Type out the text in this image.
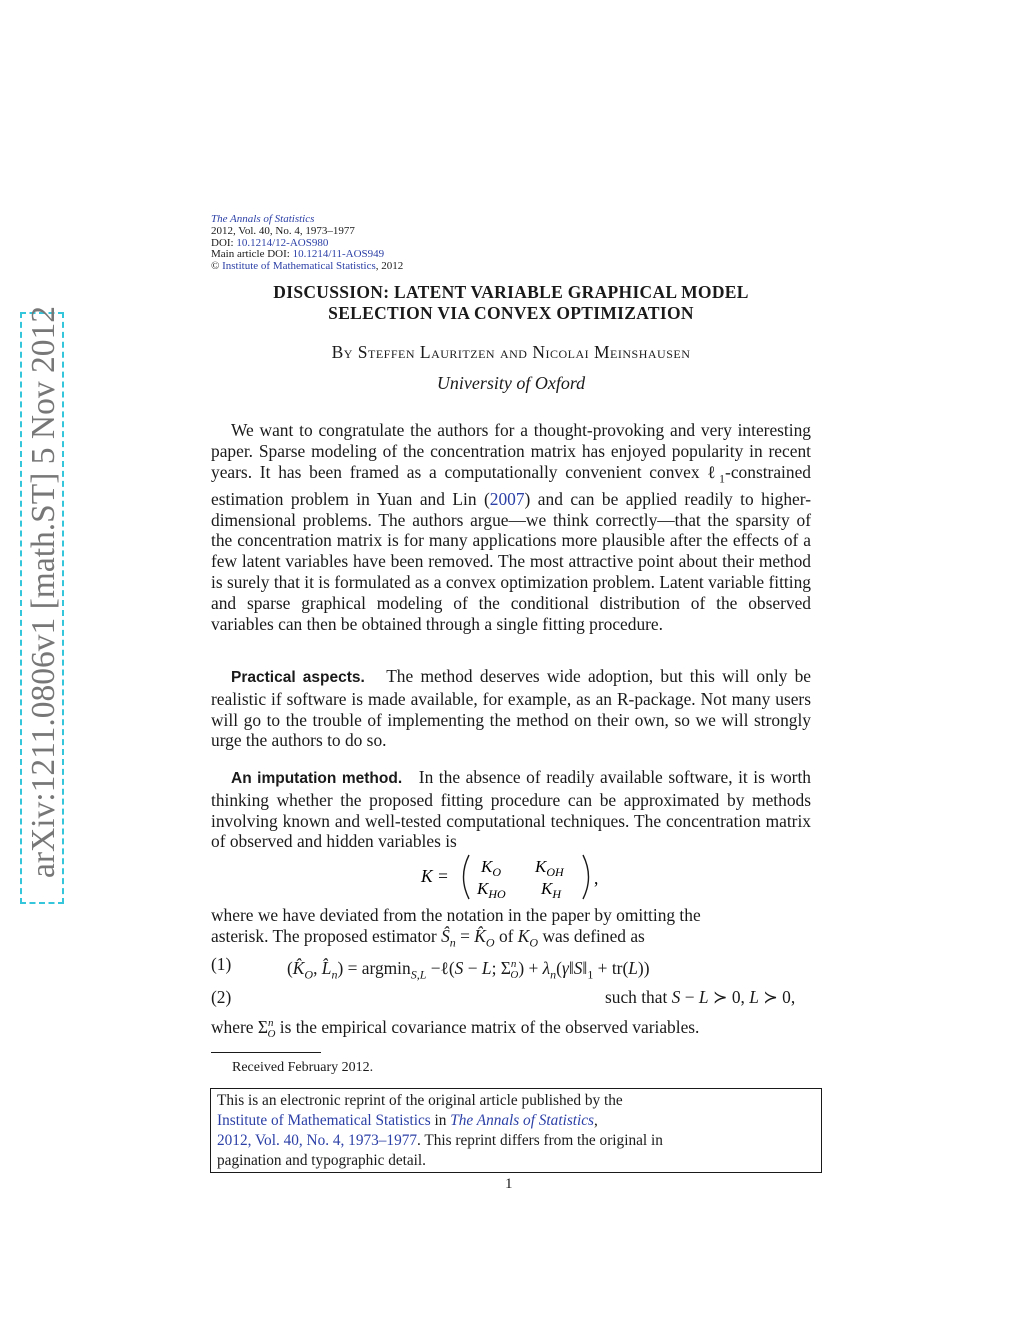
arXiv:1211.0806v1 [math.ST] 5 Nov 2012
The Annals of Statistics
2012, Vol. 40, No. 4, 1973–1977
DOI: 10.1214/12-AOS980
Main article DOI: 10.1214/11-AOS949
© Institute of Mathematical Statistics, 2012
DISCUSSION: LATENT VARIABLE GRAPHICAL MODEL
SELECTION VIA CONVEX OPTIMIZATION
By Steffen Lauritzen and Nicolai Meinshausen
University of Oxford
We want to congratulate the authors for a thought-provoking and very interesting paper. Sparse modeling of the concentration matrix has enjoyed popularity in recent years. It has been framed as a computationally convenient convex ℓ$_1$-constrained estimation problem in Yuan and Lin (2007) and can be applied readily to higher-dimensional problems. The authors argue—we think correctly—that the sparsity of the concentration matrix is for many applications more plausible after the effects of a few latent variables have been removed. The most attractive point about their method is surely that it is formulated as a convex optimization problem. Latent variable fitting and sparse graphical modeling of the conditional distribution of the observed variables can then be obtained through a single fitting procedure.
Practical aspects. The method deserves wide adoption, but this will only be realistic if software is made available, for example, as an R-package. Not many users will go to the trouble of implementing the method on their own, so we will strongly urge the authors to do so.
An imputation method. In the absence of readily available software, it is worth thinking whether the proposed fitting procedure can be approximated by methods involving known and well-tested computational techniques. The concentration matrix of observed and hidden variables is
$K = K_O$ $K_{OH}$
$K_{HO}$ $K_H$
,
where we have deviated from the notation in the paper by omitting the
asterisk. The proposed estimator $Ŝ_n$ = $K̂_O$ of $K_O$ was defined as
(1)	($K̂_O$, $L̂_n) = argmin_{S,L}$ −ℓ(S − L; $\Sigma^n_O$) + $\lambda_n(\gamma‖S‖_1 + tr(L))$
(2)	such that S − L ≻ 0, L ≻ 0,
where $\Sigma^n_O$ is the empirical covariance matrix of the observed variables.
Received February 2012.
This is an electronic reprint of the original article published by the
Institute of Mathematical Statistics in The Annals of Statistics,
2012, Vol. 40, No. 4, 1973–1977. This reprint differs from the original in
pagination and typographic detail.
1
